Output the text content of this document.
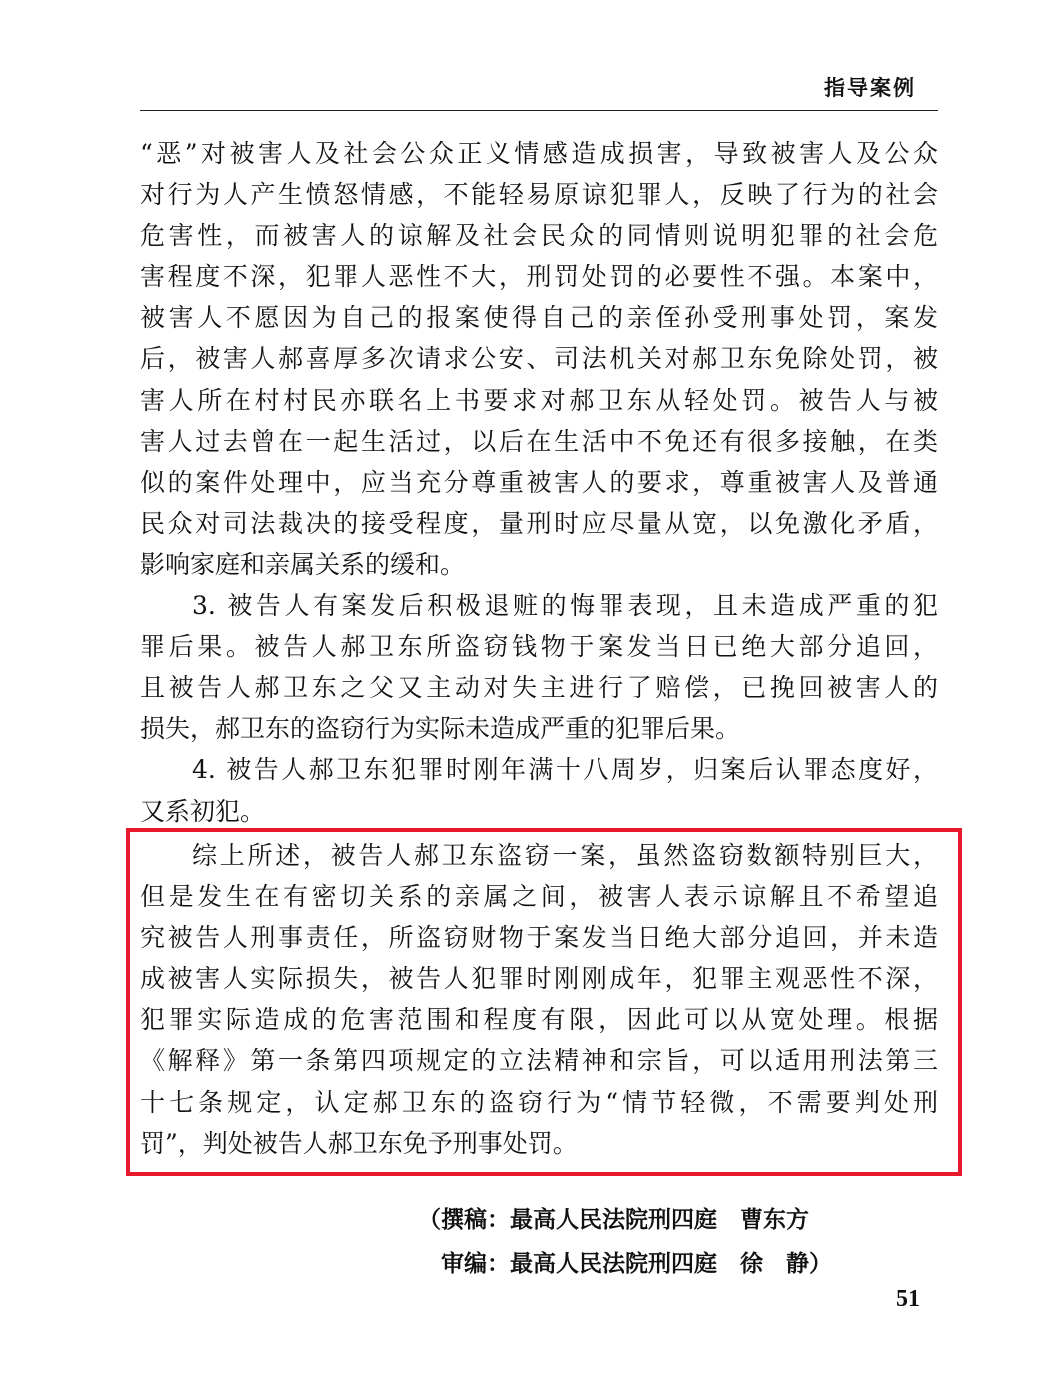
指导案例
“恶”对被害人及社会公众正义情感造成损害，导致被害人及公众
对行为人产生愤怒情感，不能轻易原谅犯罪人，反映了行为的社会
危害性，而被害人的谅解及社会民众的同情则说明犯罪的社会危
害程度不深，犯罪人恶性不大，刑罚处罚的必要性不强。本案中，
被害人不愿因为自己的报案使得自己的亲侄孙受刑事处罚，案发
后，被害人郝喜厚多次请求公安、司法机关对郝卫东免除处罚，被
害人所在村村民亦联名上书要求对郝卫东从轻处罚。被告人与被
害人过去曾在一起生活过，以后在生活中不免还有很多接触，在类
似的案件处理中，应当充分尊重被害人的要求，尊重被害人及普通
民众对司法裁决的接受程度，量刑时应尽量从宽，以免激化矛盾，
影响家庭和亲属关系的缓和。
3. 被告人有案发后积极退赃的悔罪表现，且未造成严重的犯
罪后果。被告人郝卫东所盗窃钱物于案发当日已绝大部分追回，
且被告人郝卫东之父又主动对失主进行了赔偿，已挽回被害人的
损失，郝卫东的盗窃行为实际未造成严重的犯罪后果。
4. 被告人郝卫东犯罪时刚年满十八周岁，归案后认罪态度好，
又系初犯。
综上所述，被告人郝卫东盗窃一案，虽然盗窃数额特别巨大，
但是发生在有密切关系的亲属之间，被害人表示谅解且不希望追
究被告人刑事责任，所盗窃财物于案发当日绝大部分追回，并未造
成被害人实际损失，被告人犯罪时刚刚成年，犯罪主观恶性不深，
犯罪实际造成的危害范围和程度有限，因此可以从宽处理。根据
《解释》第一条第四项规定的立法精神和宗旨，可以适用刑法第三
十七条规定，认定郝卫东的盗窃行为“情节轻微，不需要判处刑
罚”，判处被告人郝卫东免予刑事处罚。
（撰稿：最高人民法院刑四庭　曹东方
　审编：最高人民法院刑四庭　徐　静）
51
